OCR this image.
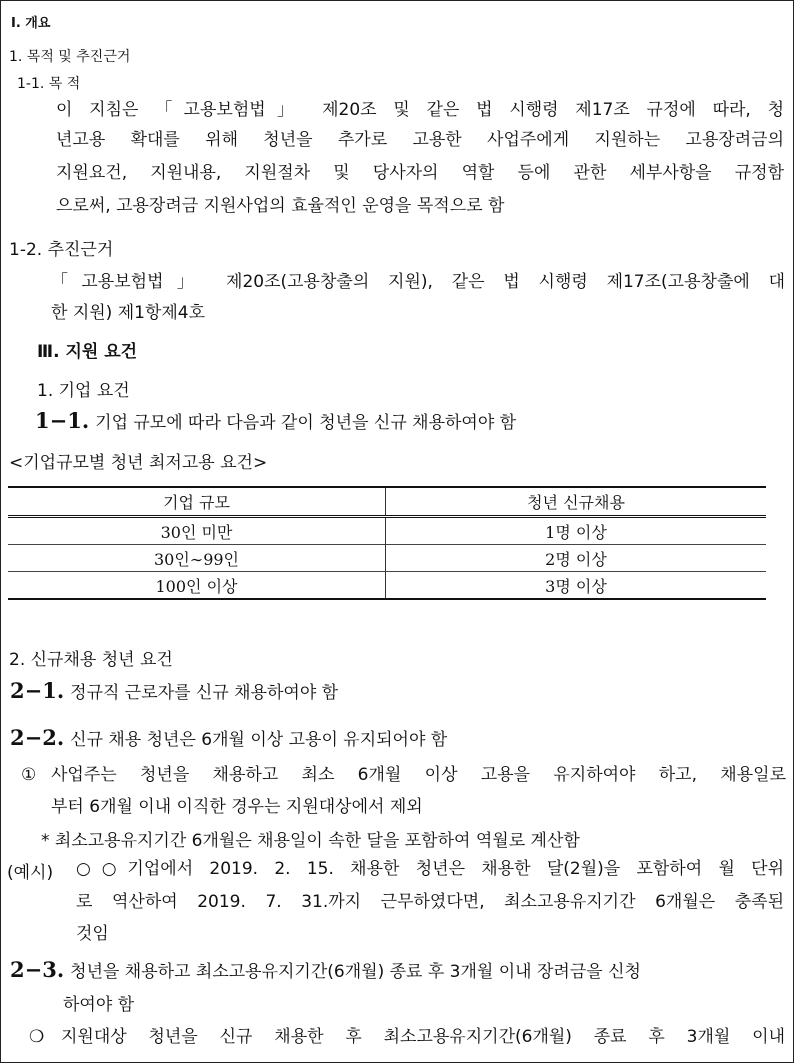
Ⅰ. 개요
1. 목적 및 추진근거
1-1. 목 적
이 지침은 「고용보험법」 제20조 및 같은 법 시행령 제17조 규정에 따라, 청
년고용 확대를 위해 청년을 추가로 고용한 사업주에게 지원하는 고용장려금의
지원요건, 지원내용, 지원절차 및 당사자의 역할 등에 관한 세부사항을 규정함
으로써, 고용장려금 지원사업의 효율적인 운영을 목적으로 함
1-2. 추진근거
「고용보험법」 제20조(고용창출의 지원), 같은 법 시행령 제17조(고용창출에 대
한 지원) 제1항제4호
Ⅲ. 지원 요건
1. 기업 요건
1−1. 기업 규모에 따라 다음과 같이 청년을 신규 채용하여야 함
<기업규모별 청년 최저고용 요건>
기업 규모	청년 신규채용
30인 미만	1명 이상
30인∼99인	2명 이상
100인 이상	3명 이상
2. 신규채용 청년 요건
2−1. 정규직 근로자를 신규 채용하여야 함
2−2. 신규 채용 청년은 6개월 이상 고용이 유지되어야 함
① 사업주는 청년을 채용하고 최소 6개월 이상 고용을 유지하여야 하고, 채용일로
부터 6개월 이내 이직한 경우는 지원대상에서 제외
* 최소고용유지기간 6개월은 채용일이 속한 달을 포함하여 역월로 계산함
(예시) ○○기업에서 2019. 2. 15. 채용한 청년은 채용한 달(2월)을 포함하여 월 단위
로 역산하여 2019. 7. 31.까지 근무하였다면, 최소고용유지기간 6개월은 충족된
것임
2−3. 청년을 채용하고 최소고용유지기간(6개월) 종료 후 3개월 이내 장려금을 신청
하여야 함
❍ 지원대상 청년을 신규 채용한 후 최소고용유지기간(6개월) 종료 후 3개월 이내
